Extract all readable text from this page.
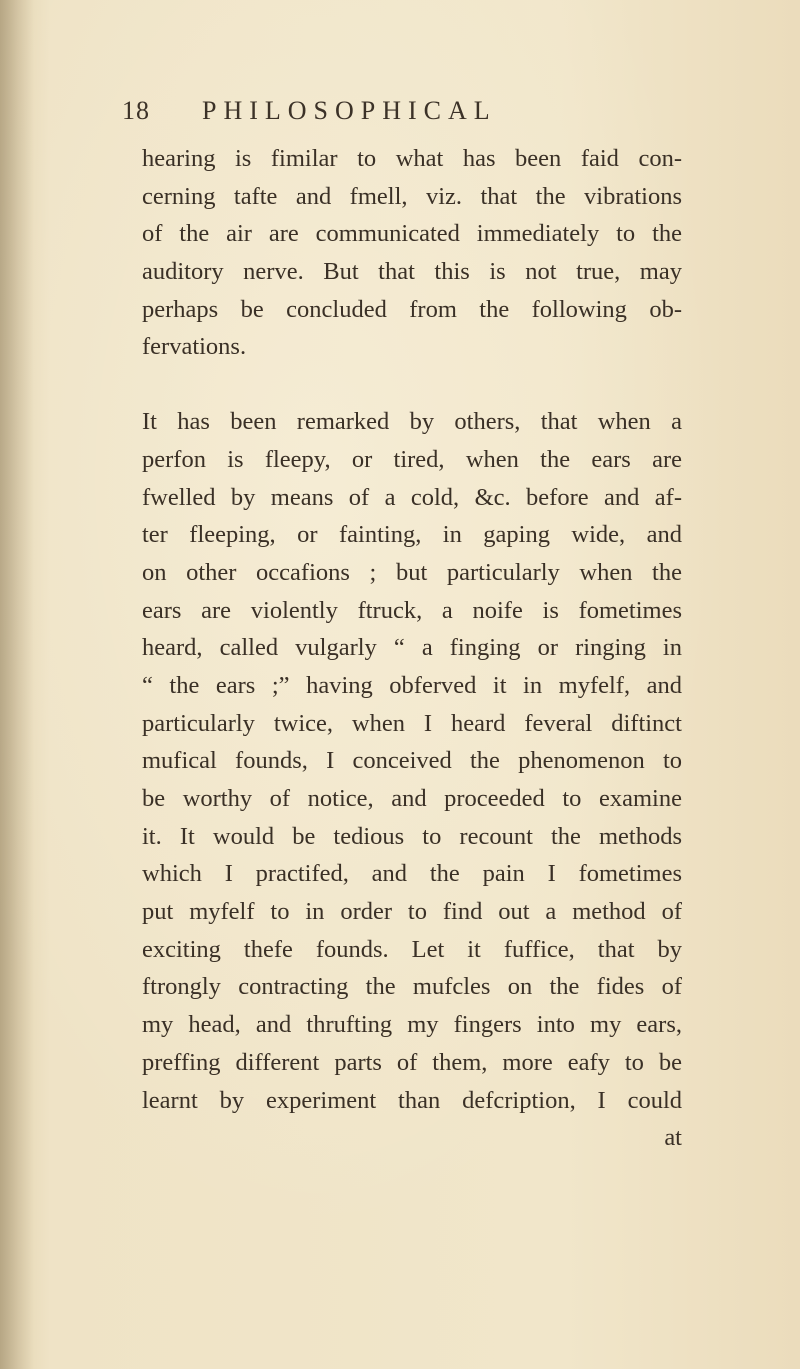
18 PHILOSOPHICAL
hearing is fimilar to what has been faid con-
cerning tafte and fmell, viz. that the vibrations
of the air are communicated immediately to the
auditory nerve. But that this is not true, may
perhaps be concluded from the following ob-
fervations.
It has been remarked by others, that when a
perfon is fleepy, or tired, when the ears are
fwelled by means of a cold, &c. before and af-
ter fleeping, or fainting, in gaping wide, and
on other occafions ; but particularly when the
ears are violently ftruck, a noife is fometimes
heard, called vulgarly “ a finging or ringing in
“ the ears ;” having obferved it in myfelf, and
particularly twice, when I heard feveral diftinct
mufical founds, I conceived the phenomenon to
be worthy of notice, and proceeded to examine
it. It would be tedious to recount the methods
which I practifed, and the pain I fometimes
put myfelf to in order to find out a method of
exciting thefe founds. Let it fuffice, that by
ftrongly contracting the mufcles on the fides of
my head, and thrufting my fingers into my ears,
preffing different parts of them, more eafy to be
learnt by experiment than defcription, I could
at
